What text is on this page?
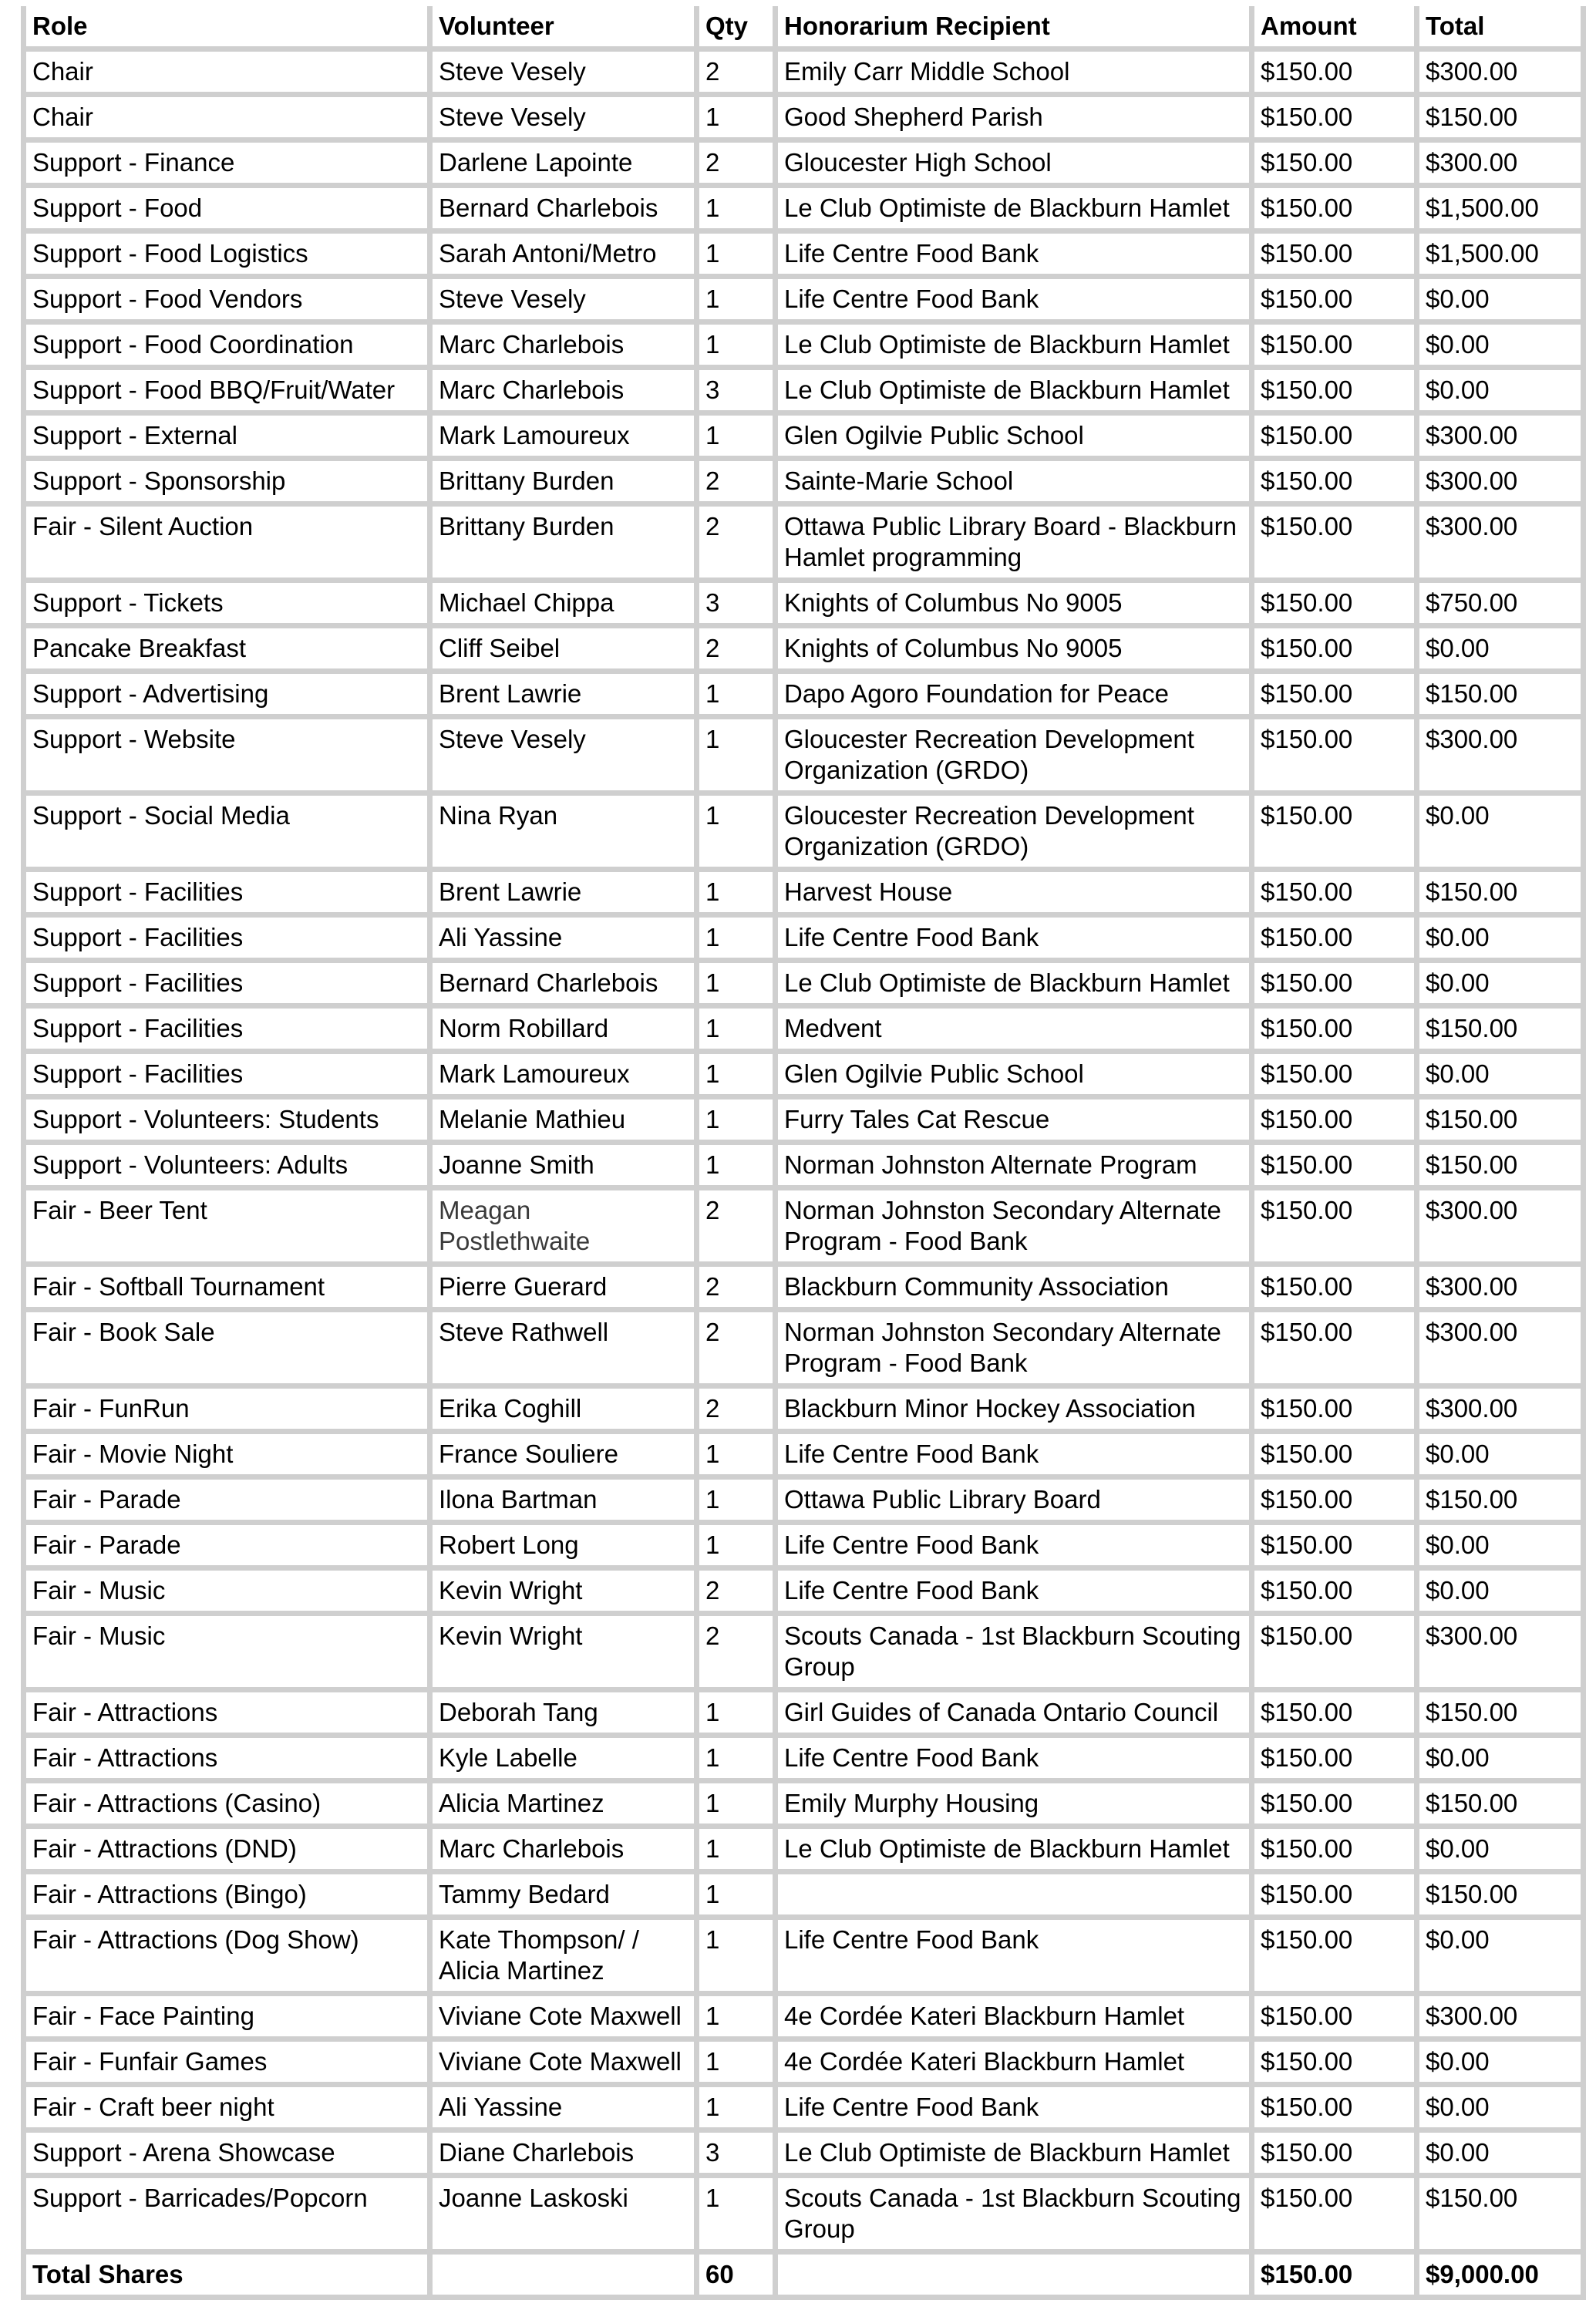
Role	Volunteer	Qty	Honorarium Recipient	Amount	Total
Chair	Steve Vesely	2	Emily Carr Middle School	$150.00	$300.00
Chair	Steve Vesely	1	Good Shepherd Parish	$150.00	$150.00
Support - Finance	Darlene Lapointe	2	Gloucester High School	$150.00	$300.00
Support - Food	Bernard Charlebois	1	Le Club Optimiste de Blackburn Hamlet	$150.00	$1,500.00
Support - Food Logistics	Sarah Antoni/Metro	1	Life Centre Food Bank	$150.00	$1,500.00
Support - Food Vendors	Steve Vesely	1	Life Centre Food Bank	$150.00	$0.00
Support - Food Coordination	Marc Charlebois	1	Le Club Optimiste de Blackburn Hamlet	$150.00	$0.00
Support - Food BBQ/Fruit/Water	Marc Charlebois	3	Le Club Optimiste de Blackburn Hamlet	$150.00	$0.00
Support - External	Mark Lamoureux	1	Glen Ogilvie Public School	$150.00	$300.00
Support - Sponsorship	Brittany Burden	2	Sainte-Marie School	$150.00	$300.00
Fair - Silent Auction	Brittany Burden	2	Ottawa Public Library Board - Blackburn Hamlet programming	$150.00	$300.00
Support - Tickets	Michael Chippa	3	Knights of Columbus No 9005	$150.00	$750.00
Pancake Breakfast	Cliff Seibel	2	Knights of Columbus No 9005	$150.00	$0.00
Support - Advertising	Brent Lawrie	1	Dapo Agoro Foundation for Peace	$150.00	$150.00
Support - Website	Steve Vesely	1	Gloucester Recreation Development Organization (GRDO)	$150.00	$300.00
Support - Social Media	Nina Ryan	1	Gloucester Recreation Development Organization (GRDO)	$150.00	$0.00
Support - Facilities	Brent Lawrie	1	Harvest House	$150.00	$150.00
Support - Facilities	Ali Yassine	1	Life Centre Food Bank	$150.00	$0.00
Support - Facilities	Bernard Charlebois	1	Le Club Optimiste de Blackburn Hamlet	$150.00	$0.00
Support - Facilities	Norm Robillard	1	Medvent	$150.00	$150.00
Support - Facilities	Mark Lamoureux	1	Glen Ogilvie Public School	$150.00	$0.00
Support - Volunteers: Students	Melanie Mathieu	1	Furry Tales Cat Rescue	$150.00	$150.00
Support - Volunteers: Adults	Joanne Smith	1	Norman Johnston Alternate Program	$150.00	$150.00
Fair - Beer Tent	Meagan Postlethwaite	2	Norman Johnston Secondary Alternate Program - Food Bank	$150.00	$300.00
Fair - Softball Tournament	Pierre Guerard	2	Blackburn Community Association	$150.00	$300.00
Fair - Book Sale	Steve Rathwell	2	Norman Johnston Secondary Alternate Program - Food Bank	$150.00	$300.00
Fair - FunRun	Erika Coghill	2	Blackburn Minor Hockey Association	$150.00	$300.00
Fair - Movie Night	France Souliere	1	Life Centre Food Bank	$150.00	$0.00
Fair - Parade	Ilona Bartman	1	Ottawa Public Library Board	$150.00	$150.00
Fair - Parade	Robert Long	1	Life Centre Food Bank	$150.00	$0.00
Fair - Music	Kevin Wright	2	Life Centre Food Bank	$150.00	$0.00
Fair - Music	Kevin Wright	2	Scouts Canada - 1st Blackburn Scouting Group	$150.00	$300.00
Fair - Attractions	Deborah Tang	1	Girl Guides of Canada Ontario Council	$150.00	$150.00
Fair - Attractions	Kyle Labelle	1	Life Centre Food Bank	$150.00	$0.00
Fair - Attractions (Casino)	Alicia Martinez	1	Emily Murphy Housing	$150.00	$150.00
Fair - Attractions (DND)	Marc Charlebois	1	Le Club Optimiste de Blackburn Hamlet	$150.00	$0.00
Fair - Attractions (Bingo)	Tammy Bedard	1		$150.00	$150.00
Fair - Attractions (Dog Show)	Kate Thompson/ / Alicia Martinez	1	Life Centre Food Bank	$150.00	$0.00
Fair - Face Painting	Viviane Cote Maxwell	1	4e Cordée Kateri Blackburn Hamlet	$150.00	$300.00
Fair - Funfair Games	Viviane Cote Maxwell	1	4e Cordée Kateri Blackburn Hamlet	$150.00	$0.00
Fair - Craft beer night	Ali Yassine	1	Life Centre Food Bank	$150.00	$0.00
Support - Arena Showcase	Diane Charlebois	3	Le Club Optimiste de Blackburn Hamlet	$150.00	$0.00
Support - Barricades/Popcorn	Joanne Laskoski	1	Scouts Canada - 1st Blackburn Scouting Group	$150.00	$150.00
Total Shares		60		$150.00	$9,000.00
